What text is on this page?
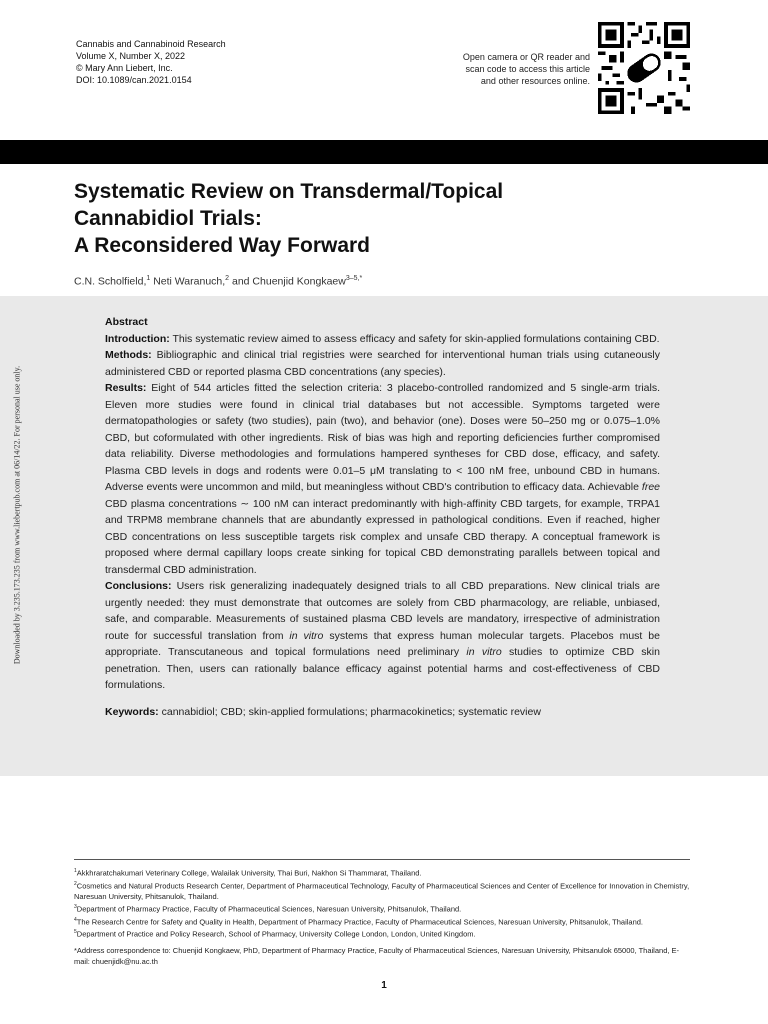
Cannabis and Cannabinoid Research
Volume X, Number X, 2022
© Mary Ann Liebert, Inc.
DOI: 10.1089/can.2021.0154
Open camera or QR reader and
scan code to access this article
and other resources online.
Systematic Review on Transdermal/Topical
Cannabidiol Trials:
A Reconsidered Way Forward
C.N. Scholfield,$^1$ Neti Waranuch,$^2$ and Chuenjid Kongkaew$^{3-5,*}$

Abstract

Introduction: This systematic review aimed to assess efficacy and safety for skin-applied formulations containing CBD.

Methods: Bibliographic and clinical trial registries were searched for interventional human trials using cutaneously administered CBD or reported plasma CBD concentrations (any species).

Results: Eight of 544 articles fitted the selection criteria: 3 placebo-controlled randomized and 5 single-arm trials. Eleven more studies were found in clinical trial databases but not accessible. Symptoms targeted were dermatopathologies or safety (two studies), pain (two), and behavior (one). Doses were 50–250 mg or 0.075–1.0% CBD, but coformulated with other ingredients. Risk of bias was high and reporting deficiencies further compromised data reliability. Diverse methodologies and formulations hampered syntheses for CBD dose, efficacy, and safety. Plasma CBD levels in dogs and rodents were 0.01–5 μM translating to < 100 nM free, unbound CBD in humans. Adverse events were uncommon and mild, but meaningless without CBD's contribution to efficacy data. Achievable free CBD plasma concentrations ∼ 100 nM can interact predominantly with high-affinity CBD targets, for example, TRPA1 and TRPM8 membrane channels that are abundantly expressed in pathological conditions. Even if reached, higher CBD concentrations on less susceptible targets risk complex and unsafe CBD therapy. A conceptual framework is proposed where dermal capillary loops create sinking for topical CBD demonstrating parallels between topical and transdermal CBD administration.

Conclusions: Users risk generalizing inadequately designed trials to all CBD preparations. New clinical trials are urgently needed: they must demonstrate that outcomes are solely from CBD pharmacology, are reliable, unbiased, safe, and comparable. Measurements of sustained plasma CBD levels are mandatory, irrespective of administration route for successful translation from in vitro systems that express human molecular targets. Placebos must be appropriate. Transcutaneous and topical formulations need preliminary in vitro studies to optimize CBD skin penetration. Then, users can rationally balance efficacy against potential harms and cost-effectiveness of CBD formulations.

Keywords: cannabidiol; CBD; skin-applied formulations; pharmacokinetics; systematic review

Downloaded by 3.235.173.235 from www.liebertpub.com at 06/14/22. For personal use only.

$^1$Akkhraratchakumari Veterinary College, Walailak University, Thai Buri, Nakhon Si Thammarat, Thailand.

$^2$Cosmetics and Natural Products Research Center, Department of Pharmaceutical Technology, Faculty of Pharmaceutical Sciences and Center of Excellence for Innovation in Chemistry, Naresuan University, Phitsanulok, Thailand.

$^3$Department of Pharmacy Practice, Faculty of Pharmaceutical Sciences, Naresuan University, Phitsanulok, Thailand.

$^4$The Research Centre for Safety and Quality in Health, Department of Pharmacy Practice, Faculty of Pharmaceutical Sciences, Naresuan University, Phitsanulok, Thailand.

$^5$Department of Practice and Policy Research, School of Pharmacy, University College London, London, United Kingdom.

*Address correspondence to: Chuenjid Kongkaew, PhD, Department of Pharmacy Practice, Faculty of Pharmaceutical Sciences, Naresuan University, Phitsanulok 65000, Thailand, E-mail: chuenjidk@nu.ac.th

1
